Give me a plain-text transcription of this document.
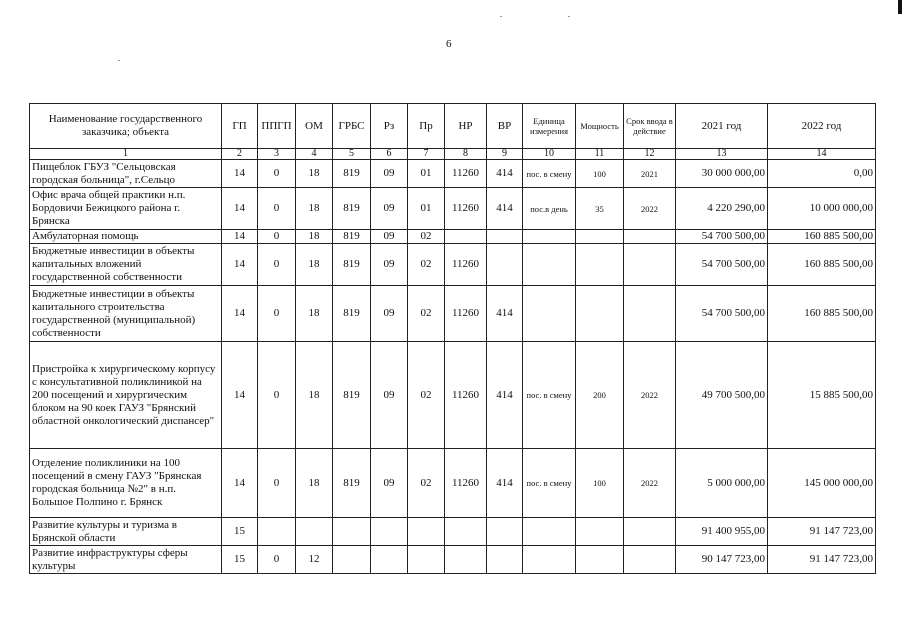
6
Наименование государственного заказчика; объекта	ГП	ППГП	ОМ	ГРБС	Рз	Пр	НР	ВР	Единица измерения	Мощность	Срок ввода в действие	2021 год	2022 год
1	2	3	4	5	6	7	8	9	10	11	12	13	14
Пищеблок ГБУЗ "Сельцовская городская больница", г.Сельцо	14	0	18	819	09	01	11260	414	пос. в смену	100	2021	30 000 000,00	0,00
Офис врача общей практики н.п. Бордовичи Бежицкого района г. Брянска	14	0	18	819	09	01	11260	414	пос.в день	35	2022	4 220 290,00	10 000 000,00
Амбулаторная помощь	14	0	18	819	09	02						54 700 500,00	160 885 500,00
Бюджетные инвестиции в объекты капитальных вложений государственной собственности	14	0	18	819	09	02	11260					54 700 500,00	160 885 500,00
Бюджетные инвестиции в объекты капитального строительства государственной (муниципальной) собственности	14	0	18	819	09	02	11260	414				54 700 500,00	160 885 500,00
Пристройка к хирургическому корпусу с консультативной поликлиникой на 200 посещений и хирургическим блоком на 90 коек ГАУЗ "Брянский областной онкологический диспансер"	14	0	18	819	09	02	11260	414	пос. в смену	200	2022	49 700 500,00	15 885 500,00
Отделение поликлиники на 100 посещений в смену ГАУЗ "Брянская городская больница №2" в н.п. Большое Полпино г. Брянск	14	0	18	819	09	02	11260	414	пос. в смену	100	2022	5 000 000,00	145 000 000,00
Развитие культуры и туризма в Брянской области	15											91 400 955,00	91 147 723,00
Развитие инфраструктуры сферы культуры	15	0	12									90 147 723,00	91 147 723,00
